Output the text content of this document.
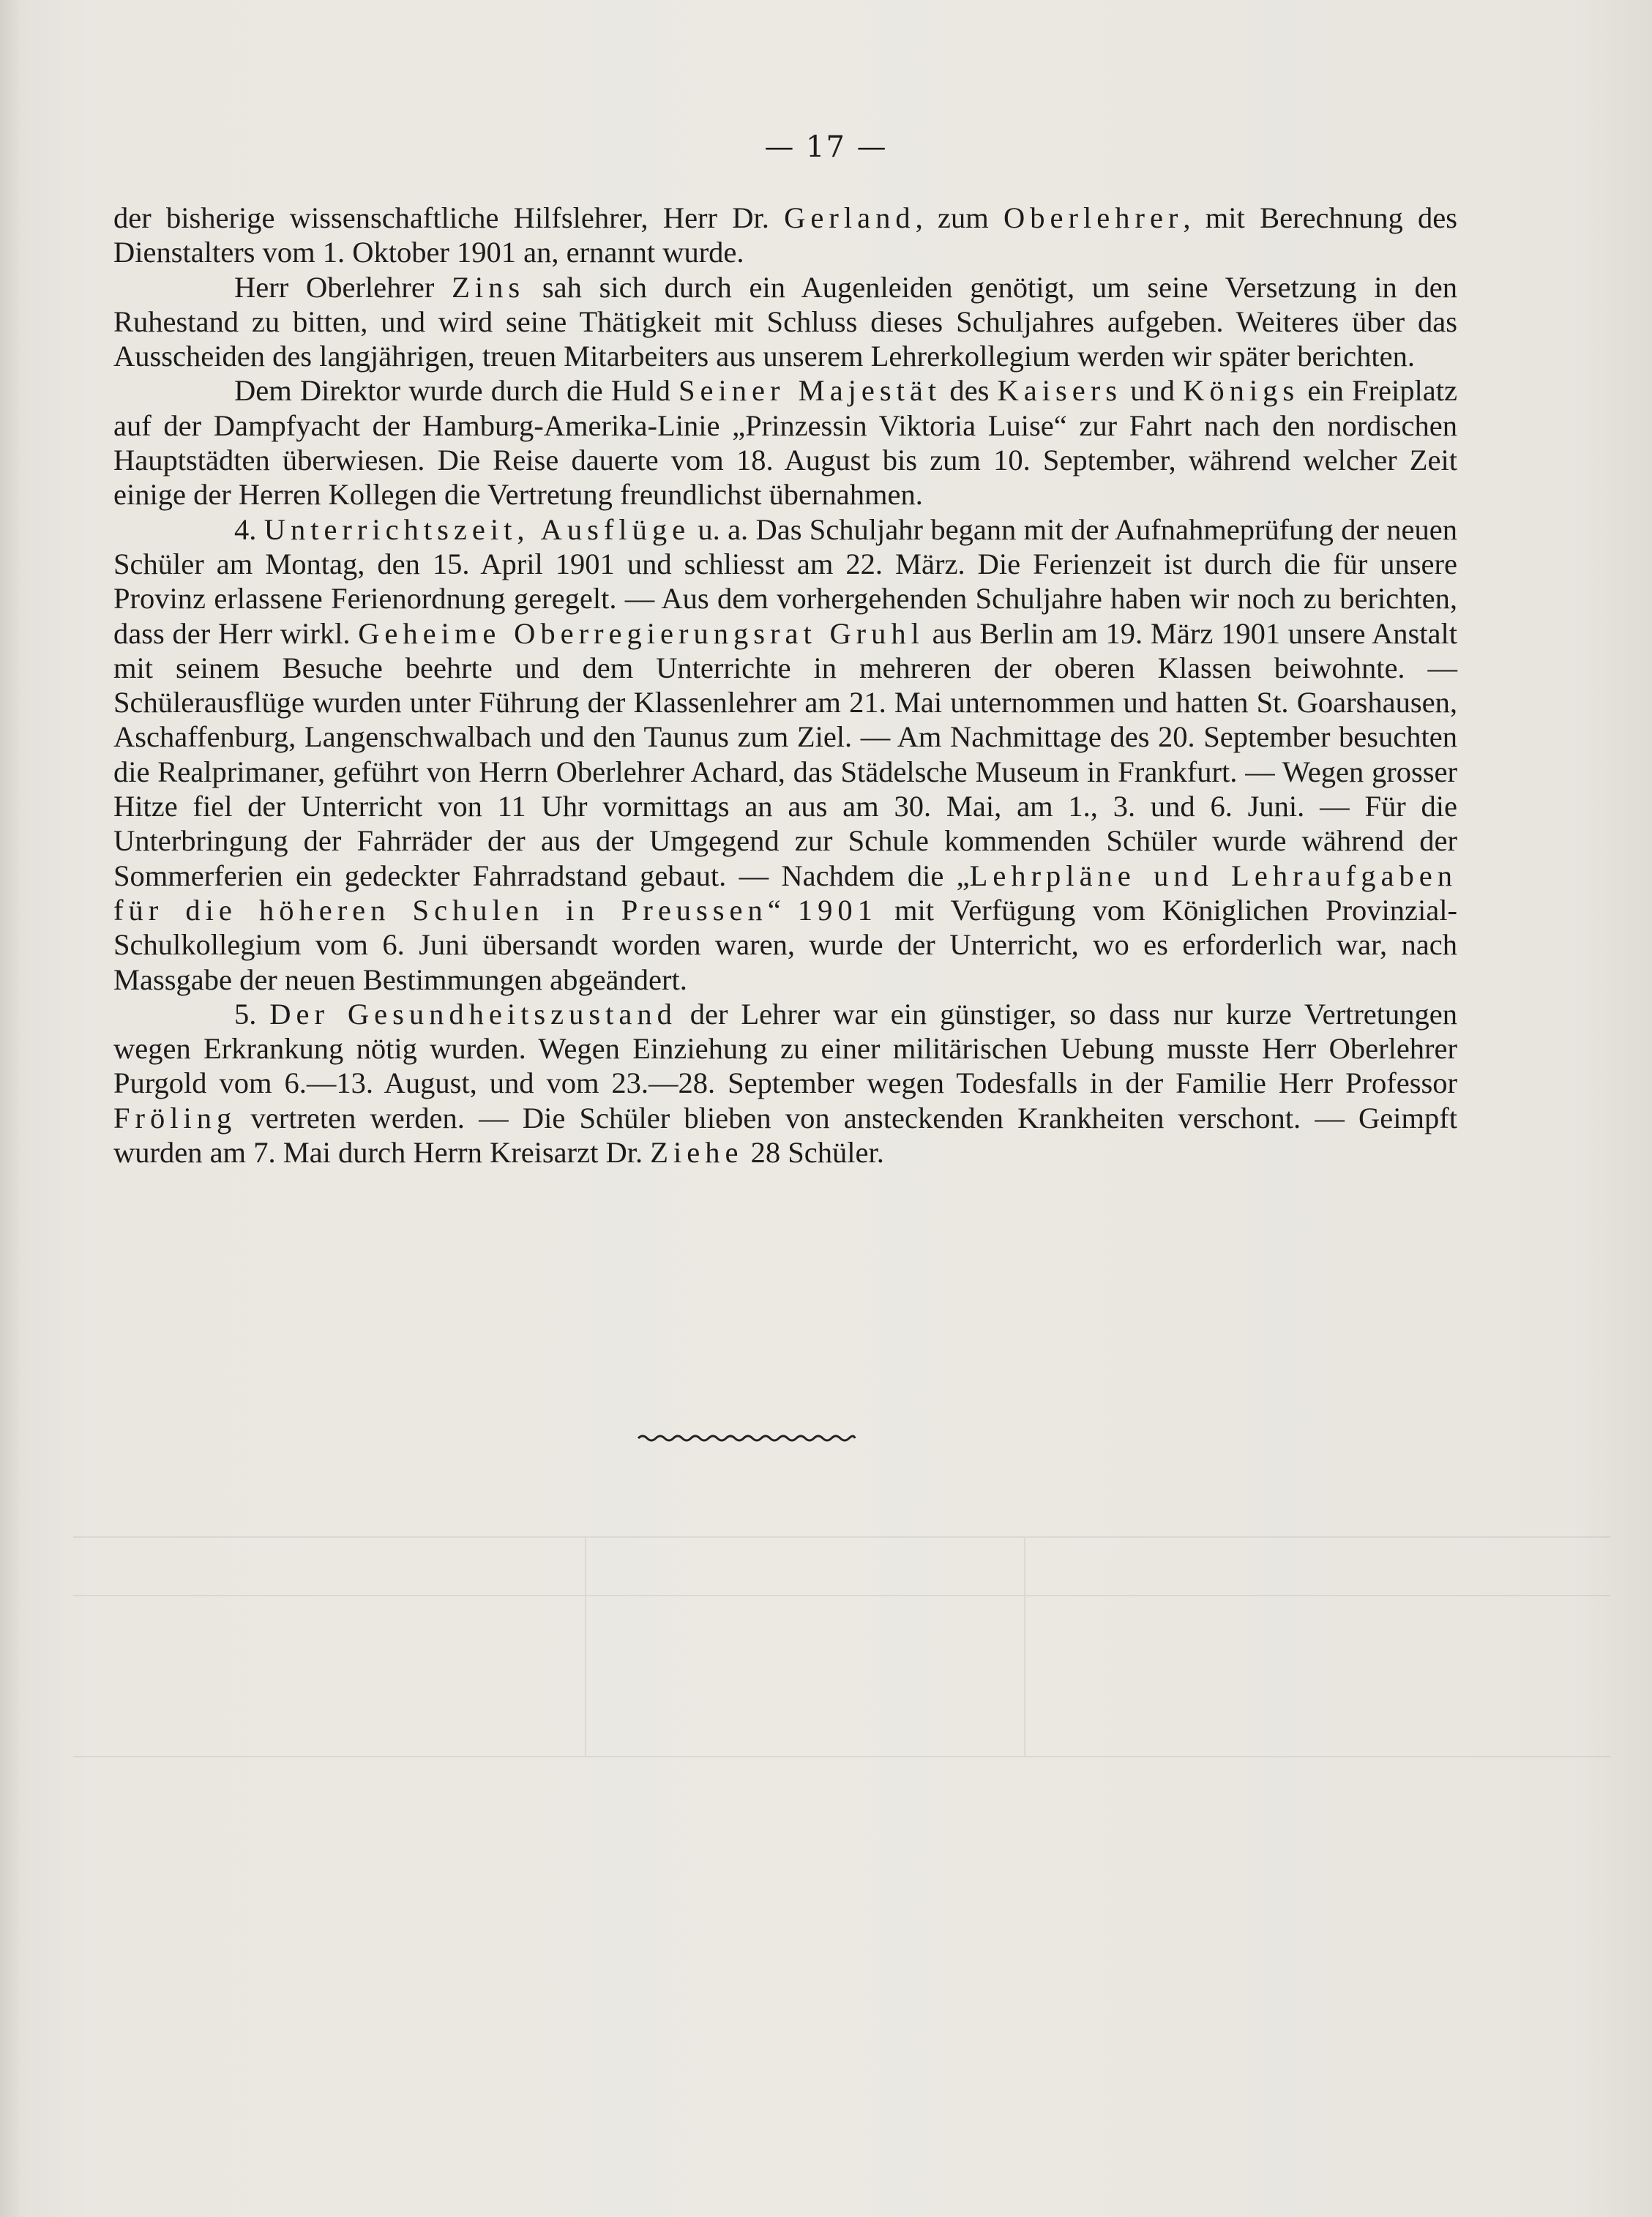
— 17 —

der bisherige wissenschaftliche Hilfslehrer, Herr Dr. Gerland, zum Oberlehrer, mit Berechnung des Dienstalters vom 1. Oktober 1901 an, ernannt wurde.

Herr Oberlehrer Zins sah sich durch ein Augenleiden genötigt, um seine Versetzung in den Ruhestand zu bitten, und wird seine Thätigkeit mit Schluss dieses Schuljahres aufgeben. Weiteres über das Ausscheiden des langjährigen, treuen Mitarbeiters aus unserem Lehrerkollegium werden wir später berichten.

Dem Direktor wurde durch die Huld Seiner Majestät des Kaisers und Königs ein Freiplatz auf der Dampfyacht der Hamburg-Amerika-Linie „Prinzessin Viktoria Luise“ zur Fahrt nach den nordischen Hauptstädten überwiesen. Die Reise dauerte vom 18. August bis zum 10. September, während welcher Zeit einige der Herren Kollegen die Vertretung freundlichst übernahmen.

4. Unterrichtszeit, Ausflüge u. a. Das Schuljahr begann mit der Aufnahmeprüfung der neuen Schüler am Montag, den 15. April 1901 und schliesst am 22. März. Die Ferienzeit ist durch die für unsere Provinz erlassene Ferienordnung geregelt. — Aus dem vorhergehenden Schuljahre haben wir noch zu berichten, dass der Herr wirkl. Geheime Oberregierungsrat Gruhl aus Berlin am 19. März 1901 unsere Anstalt mit seinem Besuche beehrte und dem Unterrichte in mehreren der oberen Klassen beiwohnte. — Schülerausflüge wurden unter Führung der Klassenlehrer am 21. Mai unternommen und hatten St. Goarshausen, Aschaffenburg, Langenschwalbach und den Taunus zum Ziel. — Am Nachmittage des 20. September besuchten die Realprimaner, geführt von Herrn Oberlehrer Achard, das Städelsche Museum in Frankfurt. — Wegen grosser Hitze fiel der Unterricht von 11 Uhr vormittags an aus am 30. Mai, am 1., 3. und 6. Juni. — Für die Unterbringung der Fahrräder der aus der Umgegend zur Schule kommenden Schüler wurde während der Sommerferien ein gedeckter Fahrradstand gebaut. — Nachdem die „Lehrpläne und Lehraufgaben für die höheren Schulen in Preussen“ 1901 mit Verfügung vom Königlichen Provinzial-Schulkollegium vom 6. Juni übersandt worden waren, wurde der Unterricht, wo es erforderlich war, nach Massgabe der neuen Bestimmungen abgeändert.

5. Der Gesundheitszustand der Lehrer war ein günstiger, so dass nur kurze Vertretungen wegen Erkrankung nötig wurden. Wegen Einziehung zu einer militärischen Uebung musste Herr Oberlehrer Purgold vom 6.—13. August, und vom 23.—28. September wegen Todesfalls in der Familie Herr Professor Fröling vertreten werden. — Die Schüler blieben von ansteckenden Krankheiten verschont. — Geimpft wurden am 7. Mai durch Herrn Kreisarzt Dr. Ziehe 28 Schüler.
